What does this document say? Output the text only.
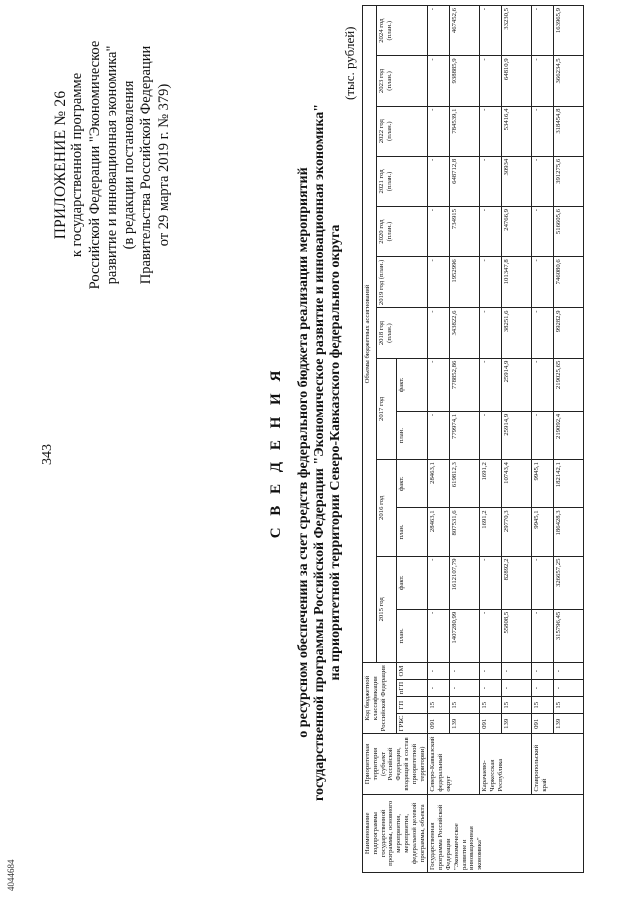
4044684
343
ПРИЛОЖЕНИЕ № 26 к государственной программе Российской Федерации "Экономическое развитие и инновационная экономика" (в редакции постановления Правительства Российской Федерации от 29 марта 2019 г. № 379)
С В Е Д Е Н И Я о ресурсном обеспечении за счет средств федерального бюджета реализации мероприятий государственной программы Российской Федерации "Экономическое развитие и инновационная экономика" на приоритетной территории Северо-Кавказского федерального округа
(тыс. рублей)
Наименование подпрограммы государственной программы, основного мероприятия, мероприятия, федеральной целевой программы, объекта	Приоритетная территория (субъект Российской Федерации, входящий в состав приоритетной территории)	Код бюджетной классификации Российской Федерации				Объемы бюджетных ассигнований												
						2015 год		2016 год		2017 год		2018 год (план.)	2019 год (план.)	2020 год (план.)	2021 год (план.)	2022 год (план.)	2023 год (план.)	2024 год (план.)
		ГРБС	ГП	пГП	ОМ	план.	факт.	план.	факт.	план.	факт.							

Государственная программа Российской Федерации "Экономическое развитие и инновационная экономика"	Северо-Кавказский федеральный округ	091	15	-	-	-	-	28463,1	28463,1	-	-	-	-	-	-	-	-	-
		139	15	-	-	1407280,99	1612107,79	807531,6	619812,3	779974,1	778852,86	343822,6	1952996	734915	648712,8	784539,1	938885,9	467452,6
	Карачаево-Черкесская Республика	091	15	-	-	-	-	1691,2	1691,2	-	-	-	-	-	-	-	-	-
		139	15	-	-	55808,5	82892,2	29770,3	10743,4	25914,9	25914,9	38251,6	101347,8	24766,9	30934	53416,4	64810,9	33230,5
	Ставропольский край	091	15	-	-	-	-	9945,1	9945,1	-	-	-	-	-	-	-	-	-
		139	15	-	-	315796,45	326657,25	186428,3	182142,1	219092,4	219025,65	99282,9	746080,6	516605,6	391275,6	318454,8	366234,5	163965,9
